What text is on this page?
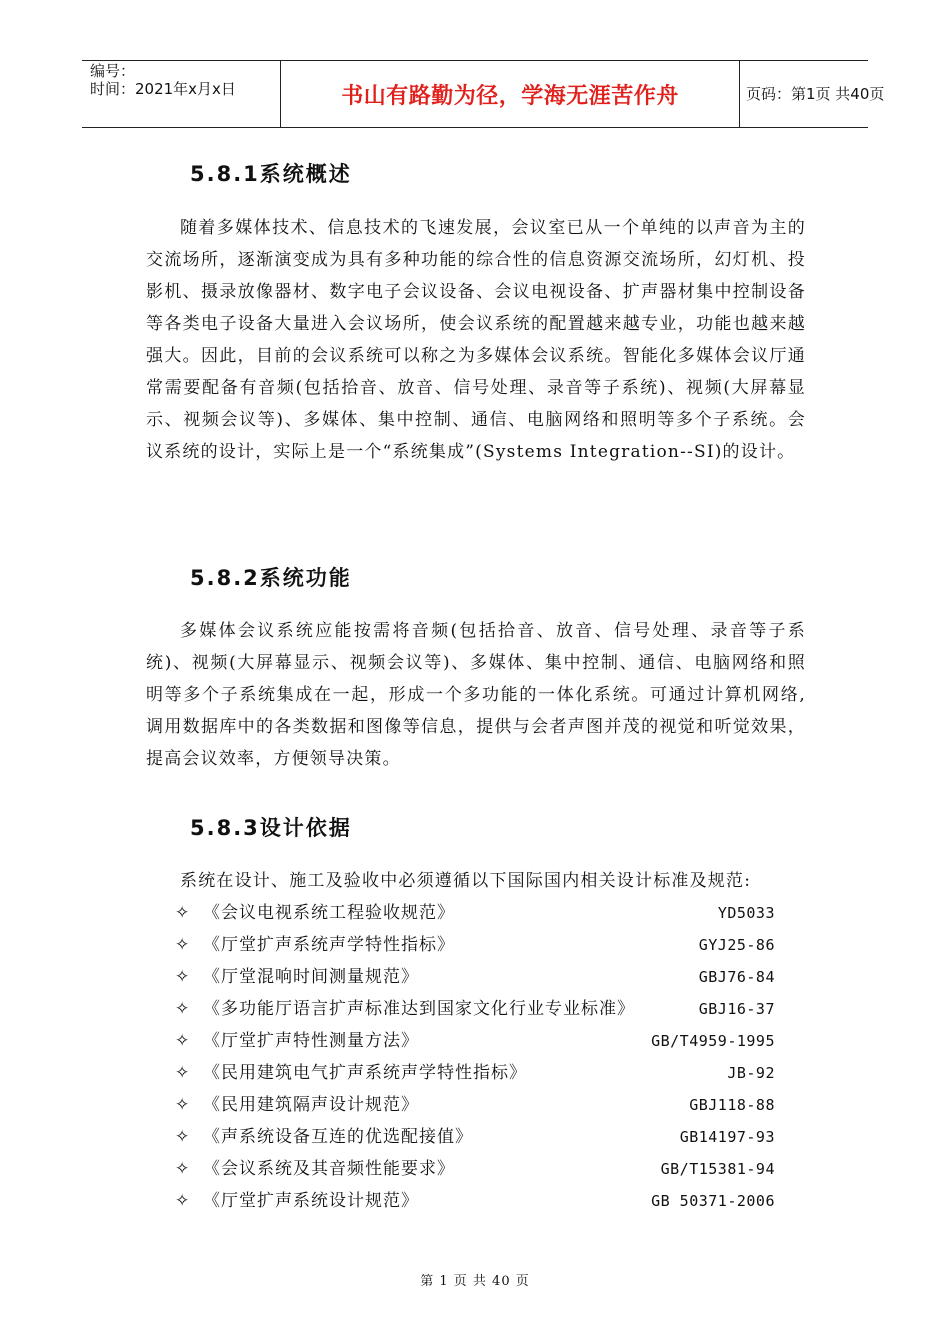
编号：
时间：2021年x月x日	书山有路勤为径，学海无涯苦作舟	页码：第1页 共40页
5.8.1系统概述

随着多媒体技术、信息技术的飞速发展，会议室已从一个单纯的以声音为主的交流场所，逐渐演变成为具有多种功能的综合性的信息资源交流场所，幻灯机、投影机、摄录放像器材、数字电子会议设备、会议电视设备、扩声器材集中控制设备等各类电子设备大量进入会议场所，使会议系统的配置越来越专业，功能也越来越强大。因此，目前的会议系统可以称之为多媒体会议系统。智能化多媒体会议厅通常需要配备有音频(包括拾音、放音、信号处理、录音等子系统)、视频(大屏幕显示、视频会议等)、多媒体、集中控制、通信、电脑网络和照明等多个子系统。会议系统的设计，实际上是一个“系统集成”(Systems Integration--SI)的设计。

5.8.2系统功能

多媒体会议系统应能按需将音频(包括拾音、放音、信号处理、录音等子系统)、视频(大屏幕显示、视频会议等)、多媒体、集中控制、通信、电脑网络和照明等多个子系统集成在一起，形成一个多功能的一体化系统。可通过计算机网络,调用数据库中的各类数据和图像等信息，提供与会者声图并茂的视觉和听觉效果，提高会议效率，方便领导决策。

5.8.3设计依据
系统在设计、施工及验收中必须遵循以下国际国内相关设计标准及规范:
✧ 《会议电视系统工程验收规范》	YD5033
✧ 《厅堂扩声系统声学特性指标》	GYJ25-86
✧ 《厅堂混响时间测量规范》	GBJ76-84
✧ 《多功能厅语言扩声标准达到国家文化行业专业标准》	GBJ16-37
✧ 《厅堂扩声特性测量方法》	GB/T4959-1995
✧ 《民用建筑电气扩声系统声学特性指标》	JB-92
✧ 《民用建筑隔声设计规范》	GBJ118-88
✧ 《声系统设备互连的优选配接值》	GB14197-93
✧ 《会议系统及其音频性能要求》	GB/T15381-94
✧ 《厅堂扩声系统设计规范》	GB 50371-2006
第 1 页 共 40 页
